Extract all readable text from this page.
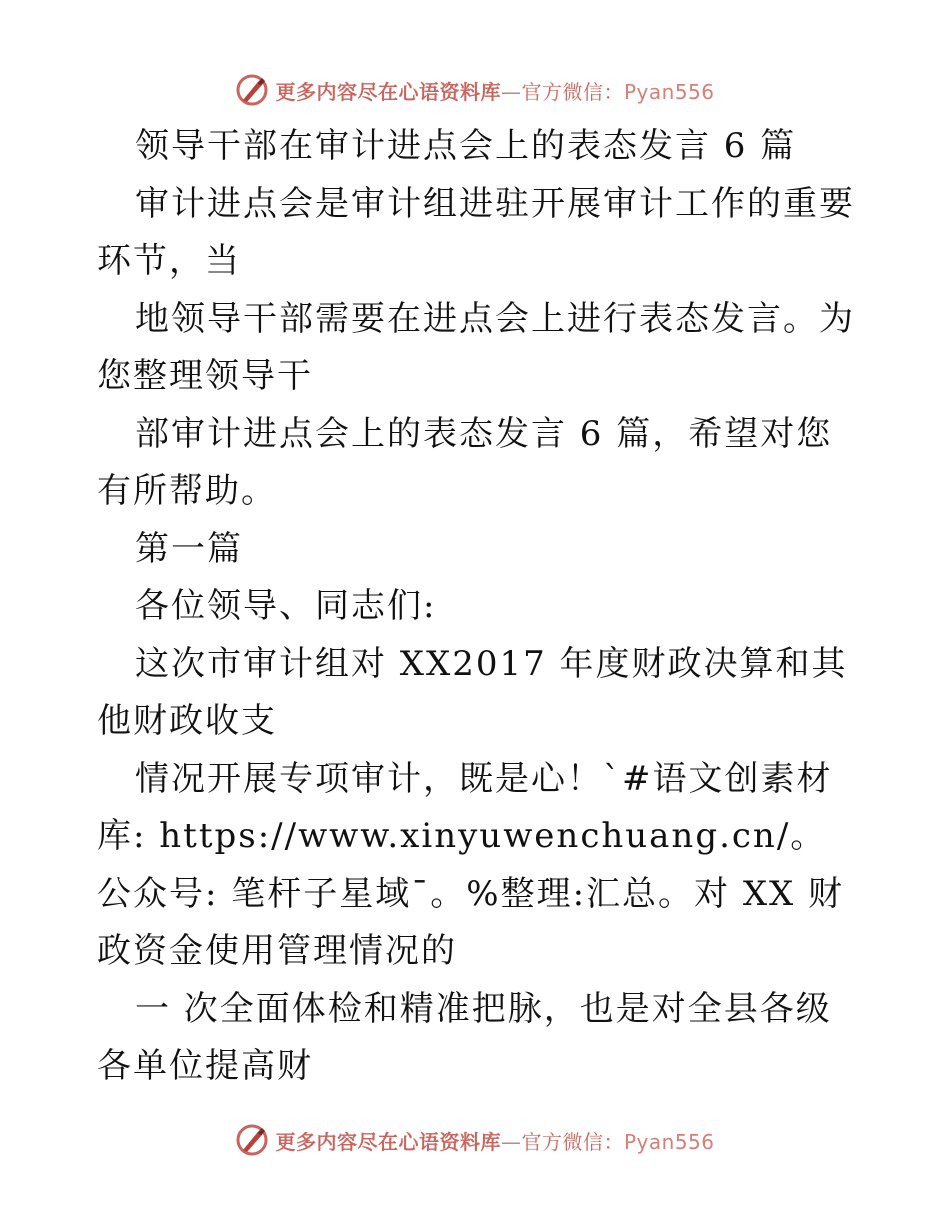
更多内容尽在心语资料库—官方微信：Pyan556

领导干部在审计进点会上的表态发言 6 篇

审计进点会是审计组进驻开展审计工作的重要环节，当

地领导干部需要在进点会上进行表态发言。为您整理领导干

部审计进点会上的表态发言 6 篇，希望对您有所帮助。

第一篇

各位领导、同志们:

这次市审计组对 XX2017 年度财政决算和其他财政收支

情况开展专项审计，既是心！`#语文创素材库: https://www.xinyuwenchuang.cn/。公众号: 笔杆子星域¯。%整理:汇总。对 XX 财政资金使用管理情况的

一 次全面体检和精准把脉，也是对全县各级各单位提高财

更多内容尽在心语资料库—官方微信：Pyan556
